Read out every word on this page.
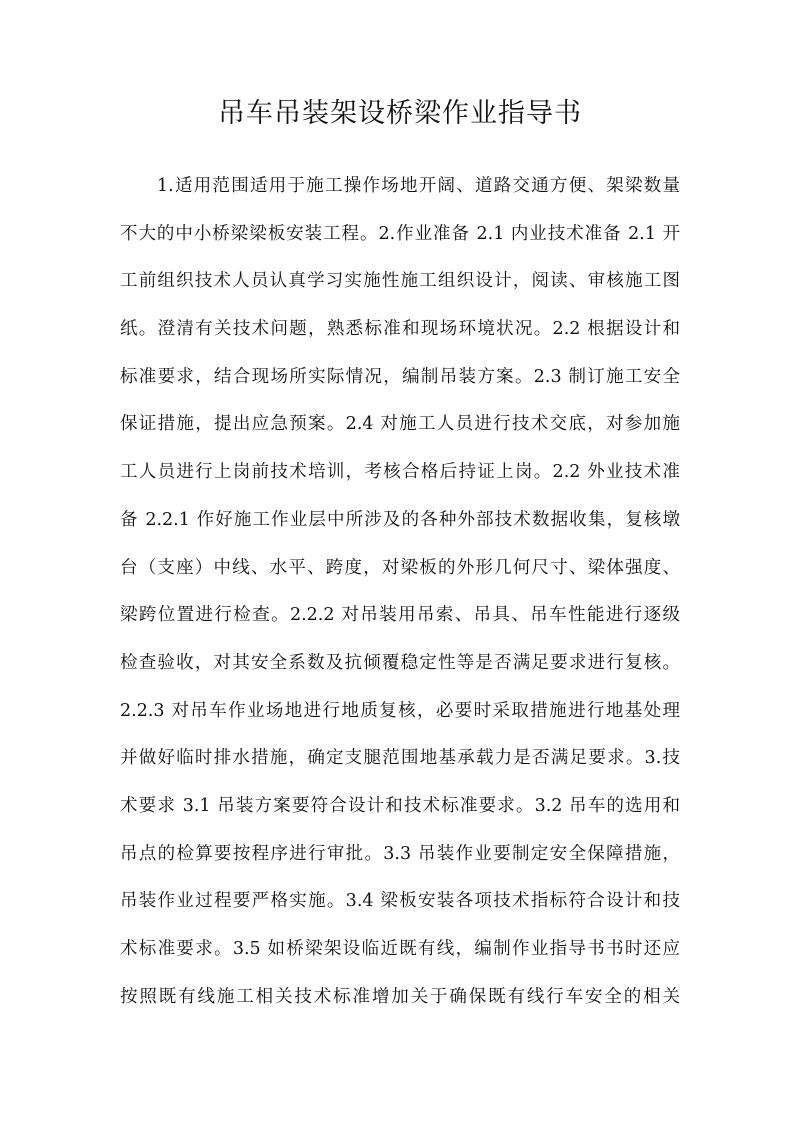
吊车吊装架设桥梁作业指导书
1.适用范围适用于施工操作场地开阔、道路交通方便、架梁数量
不大的中小桥梁梁板安装工程。2.作业准备 2.1 内业技术准备 2.1 开
工前组织技术人员认真学习实施性施工组织设计，阅读、审核施工图
纸。澄清有关技术问题，熟悉标准和现场环境状况。2.2 根据设计和
标准要求，结合现场所实际情况，编制吊装方案。2.3 制订施工安全
保证措施，提出应急预案。2.4 对施工人员进行技术交底，对参加施
工人员进行上岗前技术培训，考核合格后持证上岗。2.2 外业技术准
备 2.2.1 作好施工作业层中所涉及的各种外部技术数据收集，复核墩
台（支座）中线、水平、跨度，对梁板的外形几何尺寸、梁体强度、
梁跨位置进行检查。2.2.2 对吊装用吊索、吊具、吊车性能进行逐级
检查验收，对其安全系数及抗倾覆稳定性等是否满足要求进行复核。
2.2.3 对吊车作业场地进行地质复核，必要时采取措施进行地基处理
并做好临时排水措施，确定支腿范围地基承载力是否满足要求。3.技
术要求 3.1 吊装方案要符合设计和技术标准要求。3.2 吊车的选用和
吊点的检算要按程序进行审批。3.3 吊装作业要制定安全保障措施，
吊装作业过程要严格实施。3.4 梁板安装各项技术指标符合设计和技
术标准要求。3.5 如桥梁架设临近既有线，编制作业指导书书时还应
按照既有线施工相关技术标准增加关于确保既有线行车安全的相关
